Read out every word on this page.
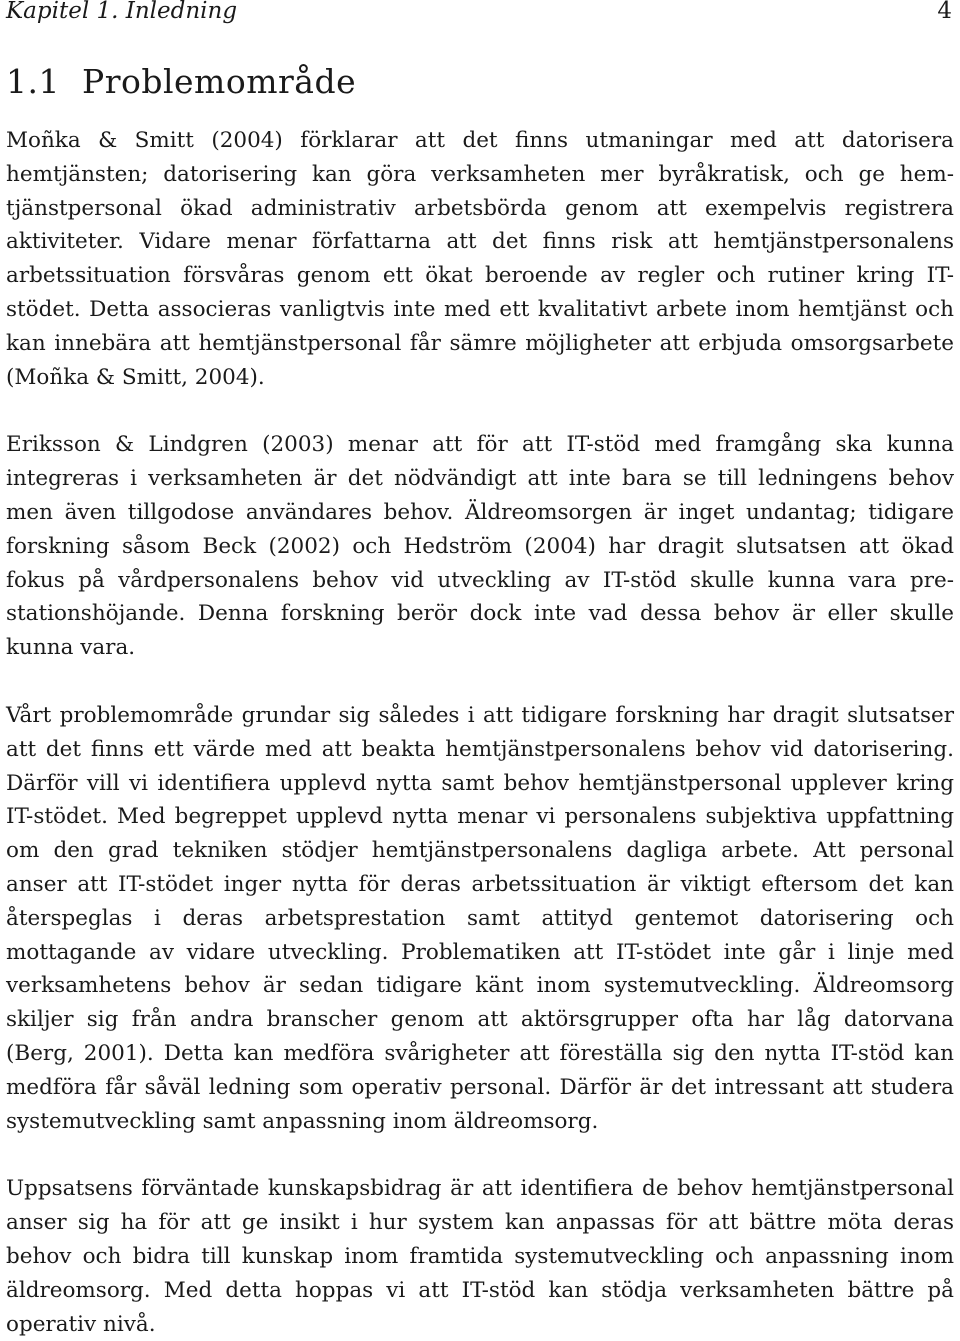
Kapitel 1. Inledning	4
1.1 Problemområde

Moñka & Smitt (2004) förklarar att det finns utmaningar med att datorisera hemtjänsten; datorisering kan göra verksamheten mer byråkratisk, och ge hemtjänstpersonal ökad administrativ arbetsbörda genom att exempelvis registrera aktiviteter. Vidare menar författarna att det finns risk att hemtjänstpersonalens arbetssituation försvåras genom ett ökat beroende av regler och rutiner kring IT-stödet. Detta associeras vanligtvis inte med ett kvalitativt arbete inom hemtjänst och kan innebära att hemtjänstpersonal får sämre möjligheter att erbjuda omsorgsarbete (Moñka & Smitt, 2004).

Eriksson & Lindgren (2003) menar att för att IT-stöd med framgång ska kunna integreras i verksamheten är det nödvändigt att inte bara se till ledningens behov men även tillgodose användares behov. Äldreomsorgen är inget undantag; tidigare forskning såsom Beck (2002) och Hedström (2004) har dragit slutsatsen att ökad fokus på vårdpersonalens behov vid utveckling av IT-stöd skulle kunna vara prestationshöjande. Denna forskning berör dock inte vad dessa behov är eller skulle kunna vara.

Vårt problemområde grundar sig således i att tidigare forskning har dragit slutsatser att det finns ett värde med att beakta hemtjänstpersonalens behov vid datorisering. Därför vill vi identifiera upplevd nytta samt behov hemtjänstpersonal upplever kring IT-stödet. Med begreppet upplevd nytta menar vi personalens subjektiva uppfattning om den grad tekniken stödjer hemtjänstpersonalens dagliga arbete. Att personal anser att IT-stödet inger nytta för deras arbetssituation är viktigt eftersom det kan återspeglas i deras arbetsprestation samt attityd gentemot datorisering och mottagande av vidare utveckling. Problematiken att IT-stödet inte går i linje med verksamhetens behov är sedan tidigare känt inom systemutveckling. Äldreomsorg skiljer sig från andra branscher genom att aktörsgrupper ofta har låg datorvana (Berg, 2001). Detta kan medföra svårigheter att föreställa sig den nytta IT-stöd kan medföra får såväl ledning som operativ personal. Därför är det intressant att studera systemutveckling samt anpassning inom äldreomsorg.

Uppsatsens förväntade kunskapsbidrag är att identifiera de behov hemtjänstpersonal anser sig ha för att ge insikt i hur system kan anpassas för att bättre möta deras behov och bidra till kunskap inom framtida systemutveckling och anpassning inom äldreomsorg. Med detta hoppas vi att IT-stöd kan stödja verksamheten bättre på operativ nivå.
